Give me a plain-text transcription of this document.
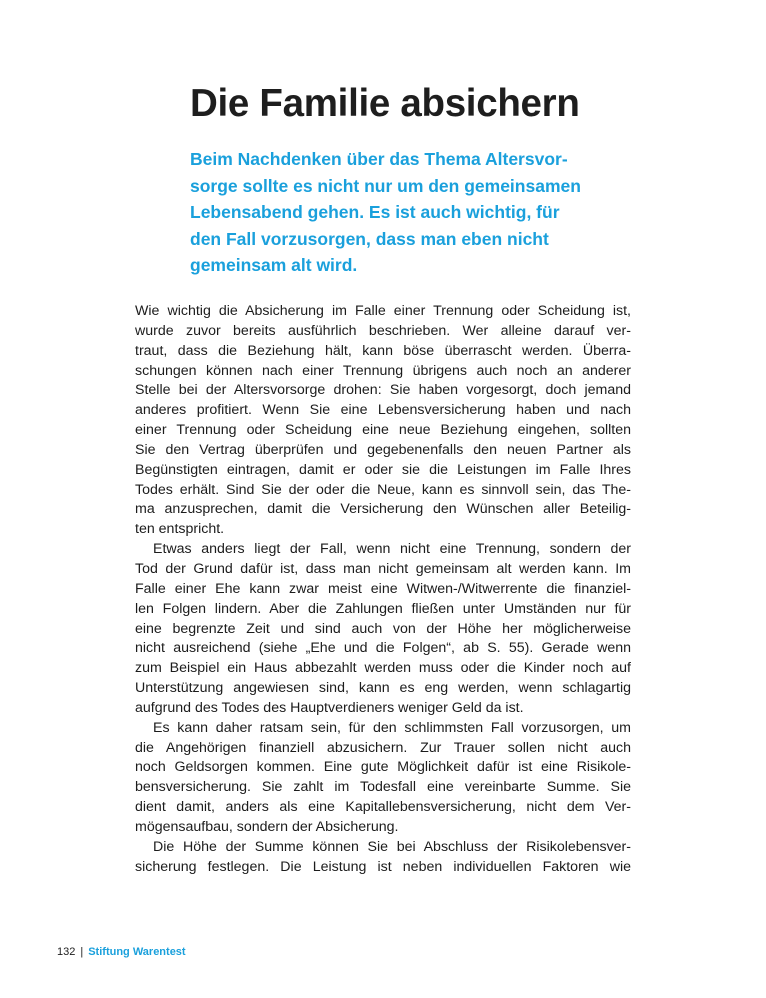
Die Familie absichern
Beim Nachdenken über das Thema Altersvor-
sorge sollte es nicht nur um den gemeinsamen
Lebensabend gehen. Es ist auch wichtig, für
den Fall vorzusorgen, dass man eben nicht
gemeinsam alt wird.
Wie wichtig die Absicherung im Falle einer Trennung oder Scheidung ist,
wurde zuvor bereits ausführlich beschrieben. Wer alleine darauf ver-
traut, dass die Beziehung hält, kann böse überrascht werden. Überra-
schungen können nach einer Trennung übrigens auch noch an anderer
Stelle bei der Altersvorsorge drohen: Sie haben vorgesorgt, doch jemand
anderes profitiert. Wenn Sie eine Lebensversicherung haben und nach
einer Trennung oder Scheidung eine neue Beziehung eingehen, sollten
Sie den Vertrag überprüfen und gegebenenfalls den neuen Partner als
Begünstigten eintragen, damit er oder sie die Leistungen im Falle Ihres
Todes erhält. Sind Sie der oder die Neue, kann es sinnvoll sein, das The-
ma anzusprechen, damit die Versicherung den Wünschen aller Beteilig-
ten entspricht.
Etwas anders liegt der Fall, wenn nicht eine Trennung, sondern der
Tod der Grund dafür ist, dass man nicht gemeinsam alt werden kann. Im
Falle einer Ehe kann zwar meist eine Witwen-/Witwerrente die finanziel-
len Folgen lindern. Aber die Zahlungen fließen unter Umständen nur für
eine begrenzte Zeit und sind auch von der Höhe her möglicherweise
nicht ausreichend (siehe „Ehe und die Folgen“, ab S. 55). Gerade wenn
zum Beispiel ein Haus abbezahlt werden muss oder die Kinder noch auf
Unterstützung angewiesen sind, kann es eng werden, wenn schlagartig
aufgrund des Todes des Hauptverdieners weniger Geld da ist.
Es kann daher ratsam sein, für den schlimmsten Fall vorzusorgen, um
die Angehörigen finanziell abzusichern. Zur Trauer sollen nicht auch
noch Geldsorgen kommen. Eine gute Möglichkeit dafür ist eine Risikole-
bensversicherung. Sie zahlt im Todesfall eine vereinbarte Summe. Sie
dient damit, anders als eine Kapitallebensversicherung, nicht dem Ver-
mögensaufbau, sondern der Absicherung.
Die Höhe der Summe können Sie bei Abschluss der Risikolebensver-
sicherung festlegen. Die Leistung ist neben individuellen Faktoren wie
132 | Stiftung Warentest
